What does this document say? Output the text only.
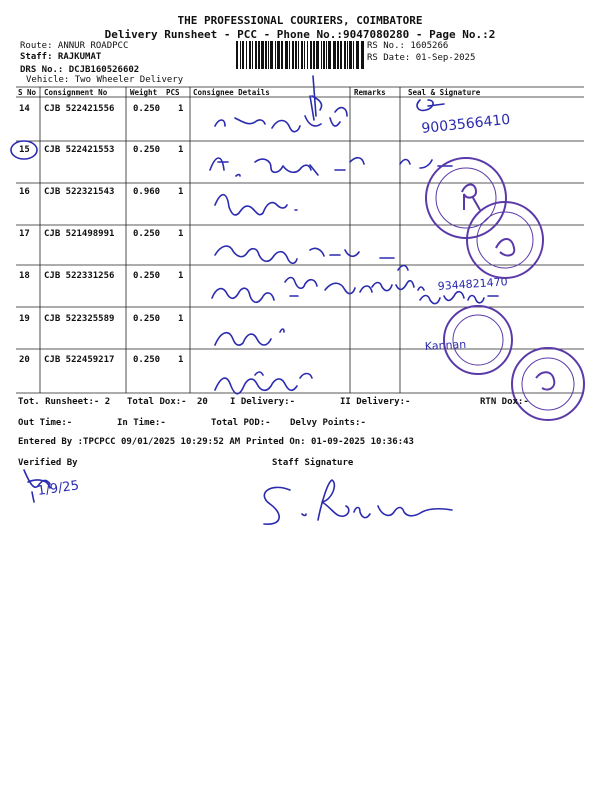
THE PROFESSIONAL COURIERS, COIMBATORE
Delivery Runsheet - PCC - Phone No.:9047080280 - Page No.:2
Route: ANNUR ROADPCC
Staff: RAJKUMAT
DRS No.: DCJB160526602
Vehicle: Two Wheeler Delivery
RS No.: 1605266
RS Date: 01-Sep-2025
S No Consignment No	Weight PCS Consignee Details	Remarks	Seal & Signature
14 CJB 522421556 0.250 1
15 CJB 522421553 0.250 1
16 CJB 522321543 0.960 1
17 CJB 521498991 0.250 1
18 CJB 522331256 0.250 1
19 CJB 522325589 0.250 1
20 CJB 522459217 0.250 1
9003566410
9344821470
Kannan
1/9/25
Tot. Runsheet:- 2 Total Dox:- 20 I Delivery:-	II Delivery:-	RTN Dox:-
Out Time:-	In Time:-	Total POD:- Delvy Points:-
Entered By :TPCPCC 09/01/2025 10:29:52 AM Printed On: 01-09-2025 10:36:43
Verified By	Staff Signature
